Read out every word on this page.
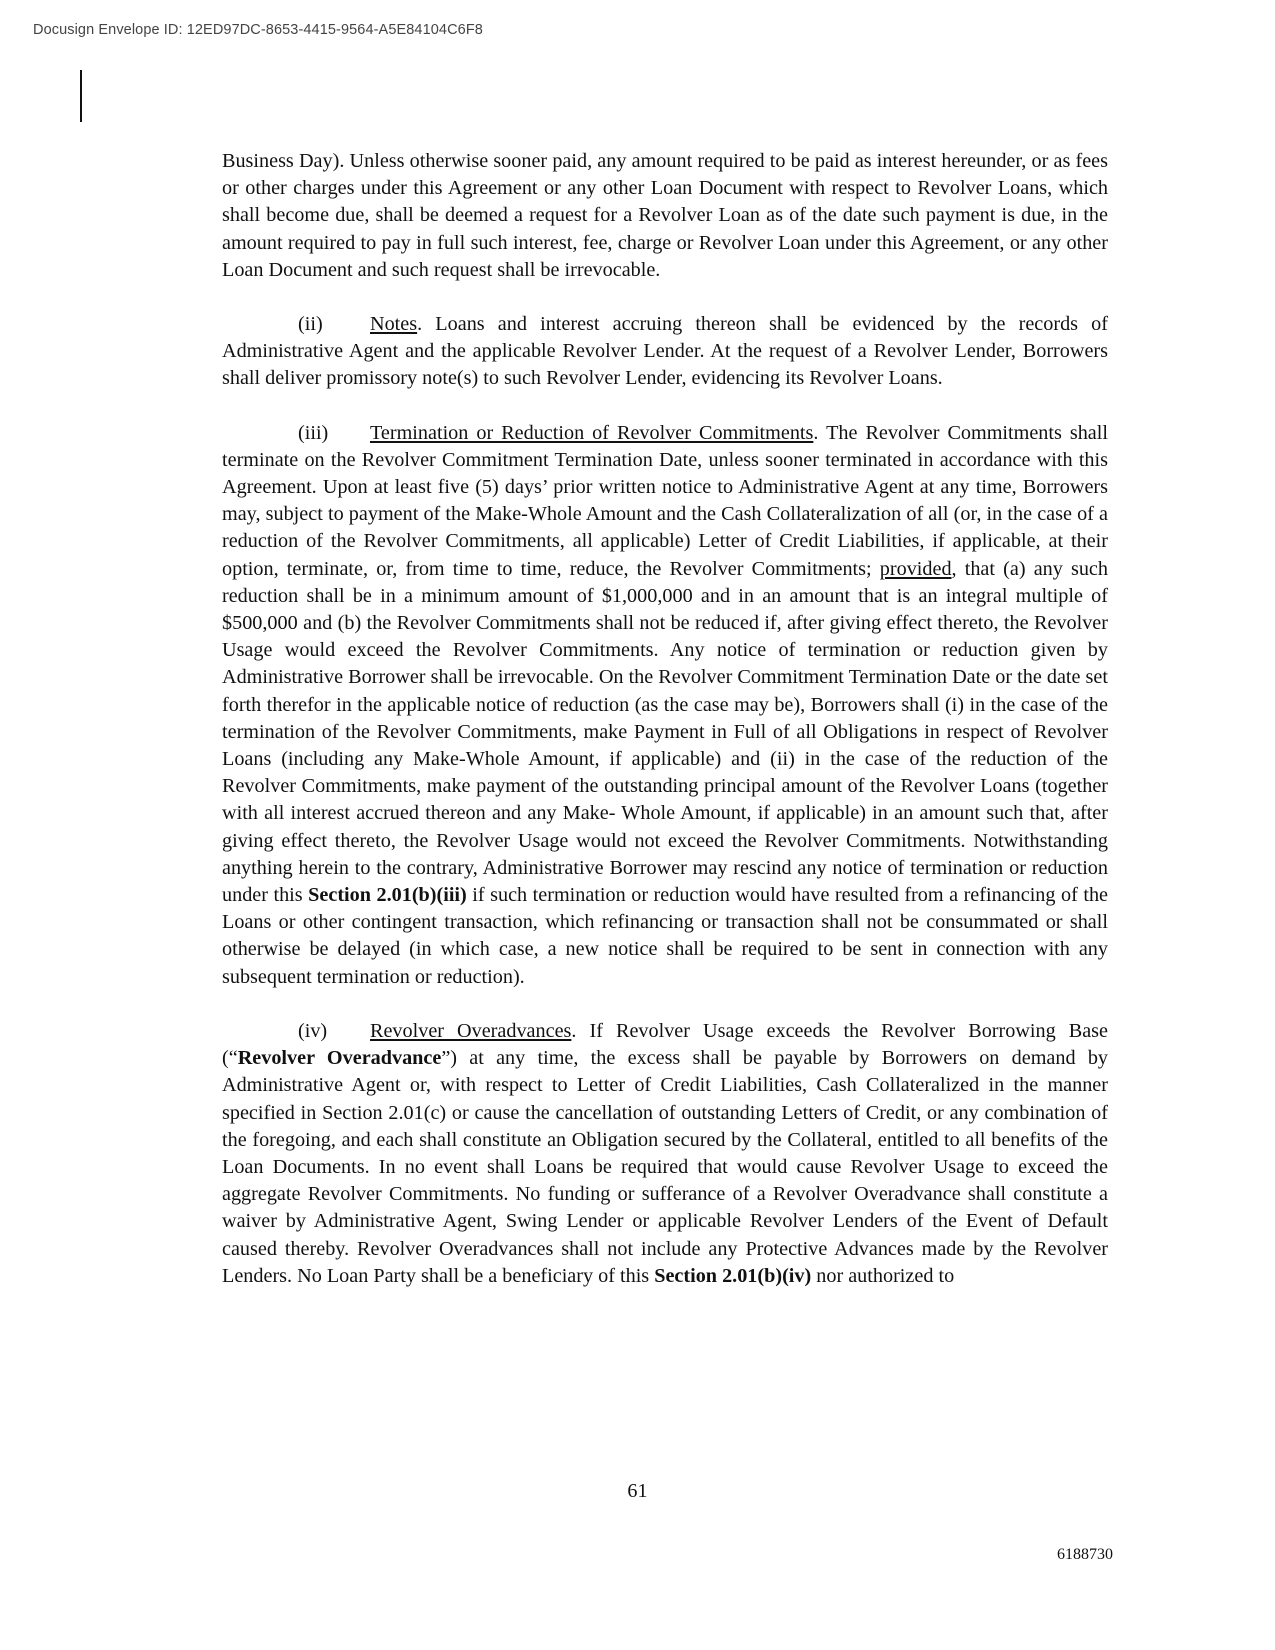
Docusign Envelope ID: 12ED97DC-8653-4415-9564-A5E84104C6F8

Business Day). Unless otherwise sooner paid, any amount required to be paid as interest hereunder, or as fees or other charges under this Agreement or any other Loan Document with respect to Revolver Loans, which shall become due, shall be deemed a request for a Revolver Loan as of the date such payment is due, in the amount required to pay in full such interest, fee, charge or Revolver Loan under this Agreement, or any other Loan Document and such request shall be irrevocable.

(ii) Notes. Loans and interest accruing thereon shall be evidenced by the records of Administrative Agent and the applicable Revolver Lender. At the request of a Revolver Lender, Borrowers shall deliver promissory note(s) to such Revolver Lender, evidencing its Revolver Loans.

(iii) Termination or Reduction of Revolver Commitments. The Revolver Commitments shall terminate on the Revolver Commitment Termination Date, unless sooner terminated in accordance with this Agreement. Upon at least five (5) days’ prior written notice to Administrative Agent at any time, Borrowers may, subject to payment of the Make-Whole Amount and the Cash Collateralization of all (or, in the case of a reduction of the Revolver Commitments, all applicable) Letter of Credit Liabilities, if applicable, at their option, terminate, or, from time to time, reduce, the Revolver Commitments; provided, that (a) any such reduction shall be in a minimum amount of $1,000,000 and in an amount that is an integral multiple of $500,000 and (b) the Revolver Commitments shall not be reduced if, after giving effect thereto, the Revolver Usage would exceed the Revolver Commitments. Any notice of termination or reduction given by Administrative Borrower shall be irrevocable. On the Revolver Commitment Termination Date or the date set forth therefor in the applicable notice of reduction (as the case may be), Borrowers shall (i) in the case of the termination of the Revolver Commitments, make Payment in Full of all Obligations in respect of Revolver Loans (including any Make-Whole Amount, if applicable) and (ii) in the case of the reduction of the Revolver Commitments, make payment of the outstanding principal amount of the Revolver Loans (together with all interest accrued thereon and any Make- Whole Amount, if applicable) in an amount such that, after giving effect thereto, the Revolver Usage would not exceed the Revolver Commitments. Notwithstanding anything herein to the contrary, Administrative Borrower may rescind any notice of termination or reduction under this Section 2.01(b)(iii) if such termination or reduction would have resulted from a refinancing of the Loans or other contingent transaction, which refinancing or transaction shall not be consummated or shall otherwise be delayed (in which case, a new notice shall be required to be sent in connection with any subsequent termination or reduction).

(iv) Revolver Overadvances. If Revolver Usage exceeds the Revolver Borrowing Base (“Revolver Overadvance”) at any time, the excess shall be payable by Borrowers on demand by Administrative Agent or, with respect to Letter of Credit Liabilities, Cash Collateralized in the manner specified in Section 2.01(c) or cause the cancellation of outstanding Letters of Credit, or any combination of the foregoing, and each shall constitute an Obligation secured by the Collateral, entitled to all benefits of the Loan Documents. In no event shall Loans be required that would cause Revolver Usage to exceed the aggregate Revolver Commitments. No funding or sufferance of a Revolver Overadvance shall constitute a waiver by Administrative Agent, Swing Lender or applicable Revolver Lenders of the Event of Default caused thereby. Revolver Overadvances shall not include any Protective Advances made by the Revolver Lenders. No Loan Party shall be a beneficiary of this Section 2.01(b)(iv) nor authorized to

61
6188730
